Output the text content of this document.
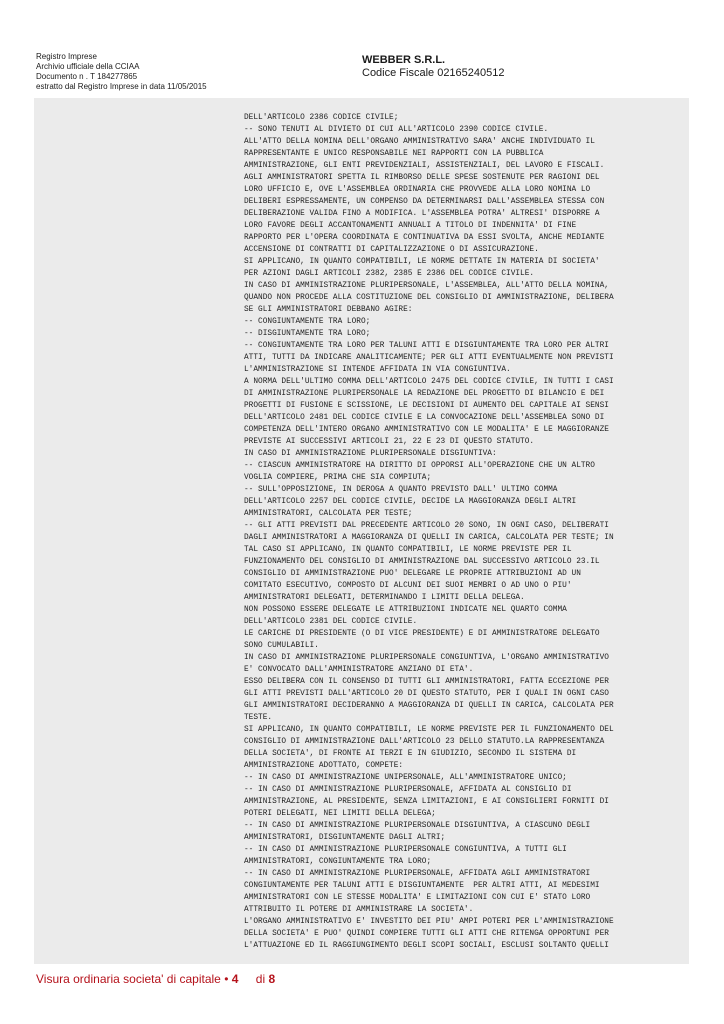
Registro Imprese
Archivio ufficiale della CCIAA
Documento n . T 184277865
estratto dal Registro Imprese in data 11/05/2015
WEBBER S.R.L.
Codice Fiscale 02165240512
DELL'ARTICOLO 2386 CODICE CIVILE;
-- SONO TENUTI AL DIVIETO DI CUI ALL'ARTICOLO 2390 CODICE CIVILE.
ALL'ATTO DELLA NOMINA DELL'ORGANO AMMINISTRATIVO SARA' ANCHE INDIVIDUATO IL
RAPPRESENTANTE E UNICO RESPONSABILE NEI RAPPORTI CON LA PUBBLICA
AMMINISTRAZIONE, GLI ENTI PREVIDENZIALI, ASSISTENZIALI, DEL LAVORO E FISCALI.
AGLI AMMINISTRATORI SPETTA IL RIMBORSO DELLE SPESE SOSTENUTE PER RAGIONI DEL
LORO UFFICIO E, OVE L'ASSEMBLEA ORDINARIA CHE PROVVEDE ALLA LORO NOMINA LO
DELIBERI ESPRESSAMENTE, UN COMPENSO DA DETERMINARSI DALL'ASSEMBLEA STESSA CON
DELIBERAZIONE VALIDA FINO A MODIFICA. L'ASSEMBLEA POTRA' ALTRESI' DISPORRE A
LORO FAVORE DEGLI ACCANTONAMENTI ANNUALI A TITOLO DI INDENNITA' DI FINE
RAPPORTO PER L'OPERA COORDINATA E CONTINUATIVA DA ESSI SVOLTA, ANCHE MEDIANTE
ACCENSIONE DI CONTRATTI DI CAPITALIZZAZIONE O DI ASSICURAZIONE.
SI APPLICANO, IN QUANTO COMPATIBILI, LE NORME DETTATE IN MATERIA DI SOCIETA'
PER AZIONI DAGLI ARTICOLI 2382, 2385 E 2386 DEL CODICE CIVILE.
IN CASO DI AMMINISTRAZIONE PLURIPERSONALE, L'ASSEMBLEA, ALL'ATTO DELLA NOMINA,
QUANDO NON PROCEDE ALLA COSTITUZIONE DEL CONSIGLIO DI AMMINISTRAZIONE, DELIBERA
SE GLI AMMINISTRATORI DEBBANO AGIRE:
-- CONGIUNTAMENTE TRA LORO;
-- DISGIUNTAMENTE TRA LORO;
-- CONGIUNTAMENTE TRA LORO PER TALUNI ATTI E DISGIUNTAMENTE TRA LORO PER ALTRI
ATTI, TUTTI DA INDICARE ANALITICAMENTE; PER GLI ATTI EVENTUALMENTE NON PREVISTI
L'AMMINISTRAZIONE SI INTENDE AFFIDATA IN VIA CONGIUNTIVA.
A NORMA DELL'ULTIMO COMMA DELL'ARTICOLO 2475 DEL CODICE CIVILE, IN TUTTI I CASI
DI AMMINISTRAZIONE PLURIPERSONALE LA REDAZIONE DEL PROGETTO DI BILANCIO E DEI
PROGETTI DI FUSIONE E SCISSIONE, LE DECISIONI DI AUMENTO DEL CAPITALE AI SENSI
DELL'ARTICOLO 2481 DEL CODICE CIVILE E LA CONVOCAZIONE DELL'ASSEMBLEA SONO DI
COMPETENZA DELL'INTERO ORGANO AMMINISTRATIVO CON LE MODALITA' E LE MAGGIORANZE
PREVISTE AI SUCCESSIVI ARTICOLI 21, 22 E 23 DI QUESTO STATUTO.
IN CASO DI AMMINISTRAZIONE PLURIPERSONALE DISGIUNTIVA:
-- CIASCUN AMMINISTRATORE HA DIRITTO DI OPPORSI ALL'OPERAZIONE CHE UN ALTRO
VOGLIA COMPIERE, PRIMA CHE SIA COMPIUTA;
-- SULL'OPPOSIZIONE, IN DEROGA A QUANTO PREVISTO DALL' ULTIMO COMMA
DELL'ARTICOLO 2257 DEL CODICE CIVILE, DECIDE LA MAGGIORANZA DEGLI ALTRI
AMMINISTRATORI, CALCOLATA PER TESTE;
-- GLI ATTI PREVISTI DAL PRECEDENTE ARTICOLO 20 SONO, IN OGNI CASO, DELIBERATI
DAGLI AMMINISTRATORI A MAGGIORANZA DI QUELLI IN CARICA, CALCOLATA PER TESTE; IN
TAL CASO SI APPLICANO, IN QUANTO COMPATIBILI, LE NORME PREVISTE PER IL
FUNZIONAMENTO DEL CONSIGLIO DI AMMINISTRAZIONE DAL SUCCESSIVO ARTICOLO 23.IL
CONSIGLIO DI AMMINISTRAZIONE PUO' DELEGARE LE PROPRIE ATTRIBUZIONI AD UN
COMITATO ESECUTIVO, COMPOSTO DI ALCUNI DEI SUOI MEMBRI O AD UNO O PIU'
AMMINISTRATORI DELEGATI, DETERMINANDO I LIMITI DELLA DELEGA.
NON POSSONO ESSERE DELEGATE LE ATTRIBUZIONI INDICATE NEL QUARTO COMMA
DELL'ARTICOLO 2381 DEL CODICE CIVILE.
LE CARICHE DI PRESIDENTE (O DI VICE PRESIDENTE) E DI AMMINISTRATORE DELEGATO
SONO CUMULABILI.
IN CASO DI AMMINISTRAZIONE PLURIPERSONALE CONGIUNTIVA, L'ORGANO AMMINISTRATIVO
E' CONVOCATO DALL'AMMINISTRATORE ANZIANO DI ETA'.
ESSO DELIBERA CON IL CONSENSO DI TUTTI GLI AMMINISTRATORI, FATTA ECCEZIONE PER
GLI ATTI PREVISTI DALL'ARTICOLO 20 DI QUESTO STATUTO, PER I QUALI IN OGNI CASO
GLI AMMINISTRATORI DECIDERANNO A MAGGIORANZA DI QUELLI IN CARICA, CALCOLATA PER
TESTE.
SI APPLICANO, IN QUANTO COMPATIBILI, LE NORME PREVISTE PER IL FUNZIONAMENTO DEL
CONSIGLIO DI AMMINISTRAZIONE DALL'ARTICOLO 23 DELLO STATUTO.LA RAPPRESENTANZA
DELLA SOCIETA', DI FRONTE AI TERZI E IN GIUDIZIO, SECONDO IL SISTEMA DI
AMMINISTRAZIONE ADOTTATO, COMPETE:
-- IN CASO DI AMMINISTRAZIONE UNIPERSONALE, ALL'AMMINISTRATORE UNICO;
-- IN CASO DI AMMINISTRAZIONE PLURIPERSONALE, AFFIDATA AL CONSIGLIO DI
AMMINISTRAZIONE, AL PRESIDENTE, SENZA LIMITAZIONI, E AI CONSIGLIERI FORNITI DI
POTERI DELEGATI, NEI LIMITI DELLA DELEGA;
-- IN CASO DI AMMINISTRAZIONE PLURIPERSONALE DISGIUNTIVA, A CIASCUNO DEGLI
AMMINISTRATORI, DISGIUNTAMENTE DAGLI ALTRI;
-- IN CASO DI AMMINISTRAZIONE PLURIPERSONALE CONGIUNTIVA, A TUTTI GLI
AMMINISTRATORI, CONGIUNTAMENTE TRA LORO;
-- IN CASO DI AMMINISTRAZIONE PLURIPERSONALE, AFFIDATA AGLI AMMINISTRATORI
CONGIUNTAMENTE PER TALUNI ATTI E DISGIUNTAMENTE  PER ALTRI ATTI, AI MEDESIMI
AMMINISTRATORI CON LE STESSE MODALITA' E LIMITAZIONI CON CUI E' STATO LORO
ATTRIBUITO IL POTERE DI AMMINISTRARE LA SOCIETA'.
L'ORGANO AMMINISTRATIVO E' INVESTITO DEI PIU' AMPI POTERI PER L'AMMINISTRAZIONE
DELLA SOCIETA' E PUO' QUINDI COMPIERE TUTTI GLI ATTI CHE RITENGA OPPORTUNI PER
L'ATTUAZIONE ED IL RAGGIUNGIMENTO DEGLI SCOPI SOCIALI, ESCLUSI SOLTANTO QUELLI
Visura ordinaria societa' di capitale • 4 di 8
